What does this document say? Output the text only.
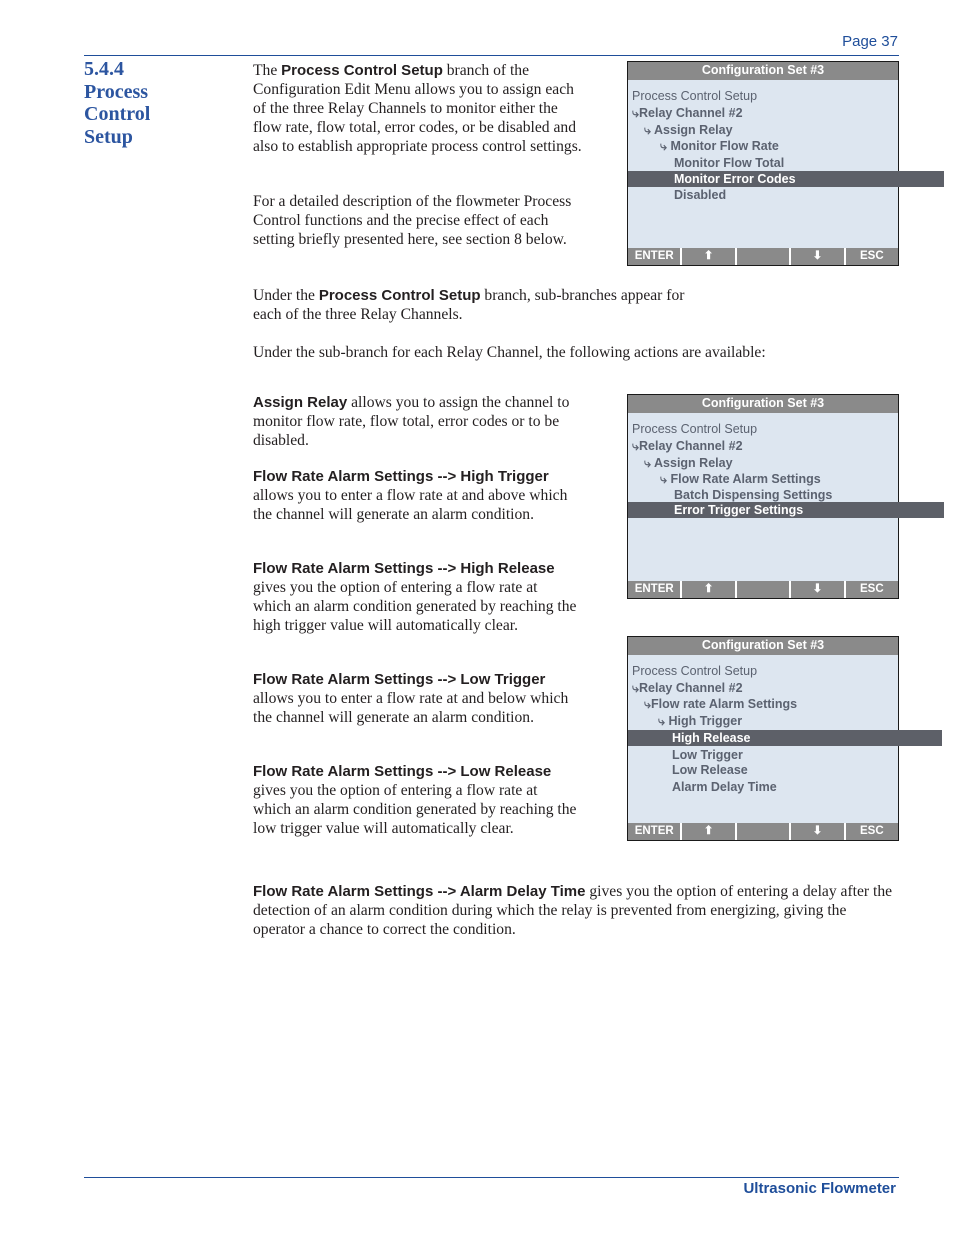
Page 37
Ultrasonic Flowmeter
5.4.4
Process
Control
Setup
The Process Control Setup branch of the Configuration Edit Menu allows you to assign each of the three Relay Channels to monitor either the flow rate, flow total, error codes, or be disabled and also to establish appropriate process control settings.
For a detailed description of the flowmeter Process Control functions and the precise effect of each setting briefly presented here, see section 8 below.
Under the Process Control Setup branch, sub-branches appear for each of the three Relay Channels.
Under the sub-branch for each Relay Channel, the following actions are available:
Assign Relay allows you to assign the channel to monitor flow rate, flow total, error codes or to be disabled.
Flow Rate Alarm Settings --> High Trigger
allows you to enter a flow rate at and above which the channel will generate an alarm condition.
Flow Rate Alarm Settings --> High Release
gives you the option of entering a flow rate at which an alarm condition generated by reaching the high trigger value will automatically clear.
Flow Rate Alarm Settings --> Low Trigger
allows you to enter a flow rate at and below which the channel will generate an alarm condition.
Flow Rate Alarm Settings --> Low Release
gives you the option of entering a flow rate at which an alarm condition generated by reaching the low trigger value will automatically clear.
Flow Rate Alarm Settings --> Alarm Delay Time gives you the option of entering a delay after the detection of an alarm condition during which the relay is prevented from energizing, giving the operator a chance to correct the condition.
Configuration Set #3
Process Control Setup
⤷Relay Channel #2
⤷ Assign Relay
⤷ Monitor Flow Rate
Monitor Flow Total
Monitor Error Codes
Disabled
ENTER	⬆	⬇	ESC
Configuration Set #3
Process Control Setup
⤷Relay Channel #2
⤷ Assign Relay
⤷ Flow Rate Alarm Settings
Batch Dispensing Settings
Error Trigger Settings
ENTER	⬆	⬇	ESC
Configuration Set #3
Process Control Setup
⤷Relay Channel #2
⤷Flow rate Alarm Settings
⤷ High Trigger
High Release
Low Trigger
Low Release
Alarm Delay Time
ENTER	⬆	⬇	ESC
